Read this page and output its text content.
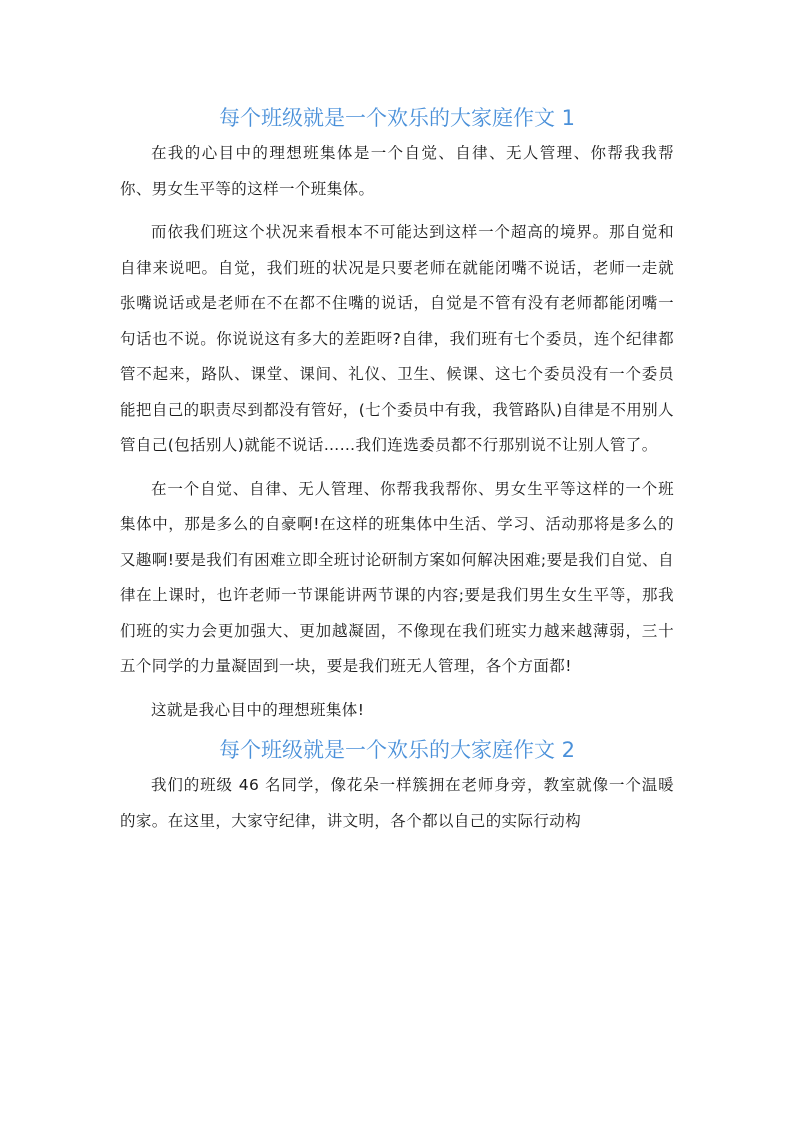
每个班级就是一个欢乐的大家庭作文 1

在我的心目中的理想班集体是一个自觉、自律、无人管理、你帮我我帮你、男女生平等的这样一个班集体。

而依我们班这个状况来看根本不可能达到这样一个超高的境界。那自觉和自律来说吧。自觉，我们班的状况是只要老师在就能闭嘴不说话，老师一走就张嘴说话或是老师在不在都不住嘴的说话，自觉是不管有没有老师都能闭嘴一句话也不说。你说说这有多大的差距呀?自律，我们班有七个委员，连个纪律都管不起来，路队、课堂、课间、礼仪、卫生、候课、这七个委员没有一个委员能把自己的职责尽到都没有管好，(七个委员中有我，我管路队)自律是不用别人管自己(包括别人)就能不说话……我们连选委员都不行那别说不让别人管了。

在一个自觉、自律、无人管理、你帮我我帮你、男女生平等这样的一个班集体中，那是多么的自豪啊!在这样的班集体中生活、学习、活动那将是多么的又趣啊!要是我们有困难立即全班讨论研制方案如何解决困难;要是我们自觉、自律在上课时，也许老师一节课能讲两节课的内容;要是我们男生女生平等，那我们班的实力会更加强大、更加越凝固，不像现在我们班实力越来越薄弱，三十五个同学的力量凝固到一块，要是我们班无人管理，各个方面都!

这就是我心目中的理想班集体!

每个班级就是一个欢乐的大家庭作文 2

我们的班级 46 名同学，像花朵一样簇拥在老师身旁，教室就像一个温暖的家。在这里，大家守纪律，讲文明，各个都以自己的实际行动构
